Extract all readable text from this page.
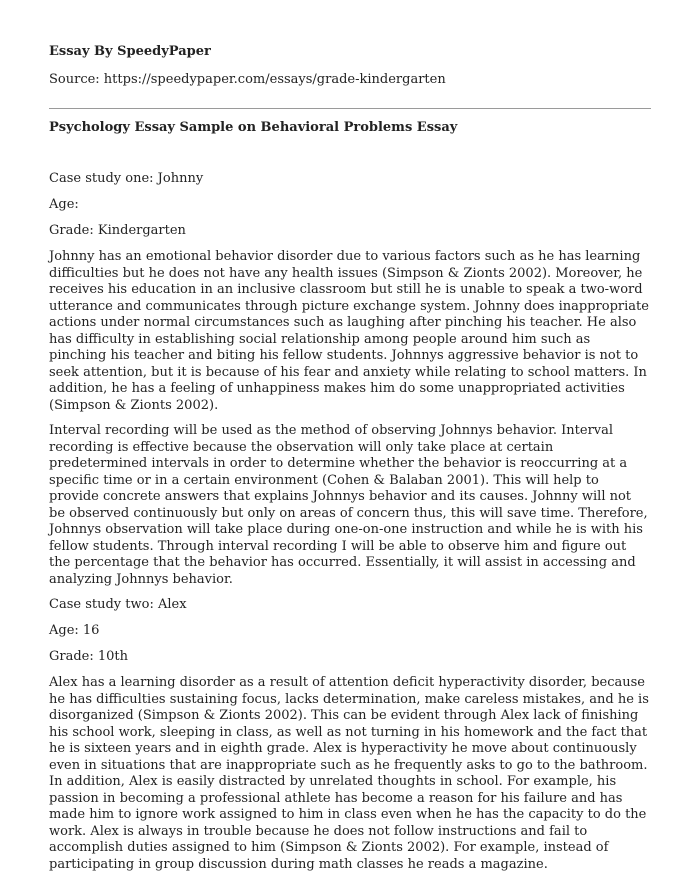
Essay By SpeedyPaper
Source: https://speedypaper.com/essays/grade-kindergarten
Psychology Essay Sample on Behavioral Problems Essay

Case study one: Johnny

Age:

Grade: Kindergarten

Johnny has an emotional behavior disorder due to various factors such as he has learning difficulties but he does not have any health issues (Simpson & Zionts 2002). Moreover, he receives his education in an inclusive classroom but still he is unable to speak a two-word utterance and communicates through picture exchange system. Johnny does inappropriate actions under normal circumstances such as laughing after pinching his teacher. He also has difficulty in establishing social relationship among people around him such as pinching his teacher and biting his fellow students. Johnnys aggressive behavior is not to seek attention, but it is because of his fear and anxiety while relating to school matters. In addition, he has a feeling of unhappiness makes him do some unappropriated activities (Simpson & Zionts 2002).

Interval recording will be used as the method of observing Johnnys behavior. Interval recording is effective because the observation will only take place at certain predetermined intervals in order to determine whether the behavior is reoccurring at a specific time or in a certain environment (Cohen & Balaban 2001). This will help to provide concrete answers that explains Johnnys behavior and its causes. Johnny will not be observed continuously but only on areas of concern thus, this will save time. Therefore, Johnnys observation will take place during one-on-one instruction and while he is with his fellow students. Through interval recording I will be able to observe him and figure out the percentage that the behavior has occurred. Essentially, it will assist in accessing and analyzing Johnnys behavior.

Case study two: Alex

Age: 16

Grade: 10th

Alex has a learning disorder as a result of attention deficit hyperactivity disorder, because he has difficulties sustaining focus, lacks determination, make careless mistakes, and he is disorganized (Simpson & Zionts 2002). This can be evident through Alex lack of finishing his school work, sleeping in class, as well as not turning in his homework and the fact that he is sixteen years and in eighth grade. Alex is hyperactivity he move about continuously even in situations that are inappropriate such as he frequently asks to go to the bathroom. In addition, Alex is easily distracted by unrelated thoughts in school. For example, his passion in becoming a professional athlete has become a reason for his failure and has made him to ignore work assigned to him in class even when he has the capacity to do the work. Alex is always in trouble because he does not follow instructions and fail to accomplish duties assigned to him (Simpson & Zionts 2002). For example, instead of participating in group discussion during math classes he reads a magazine.
